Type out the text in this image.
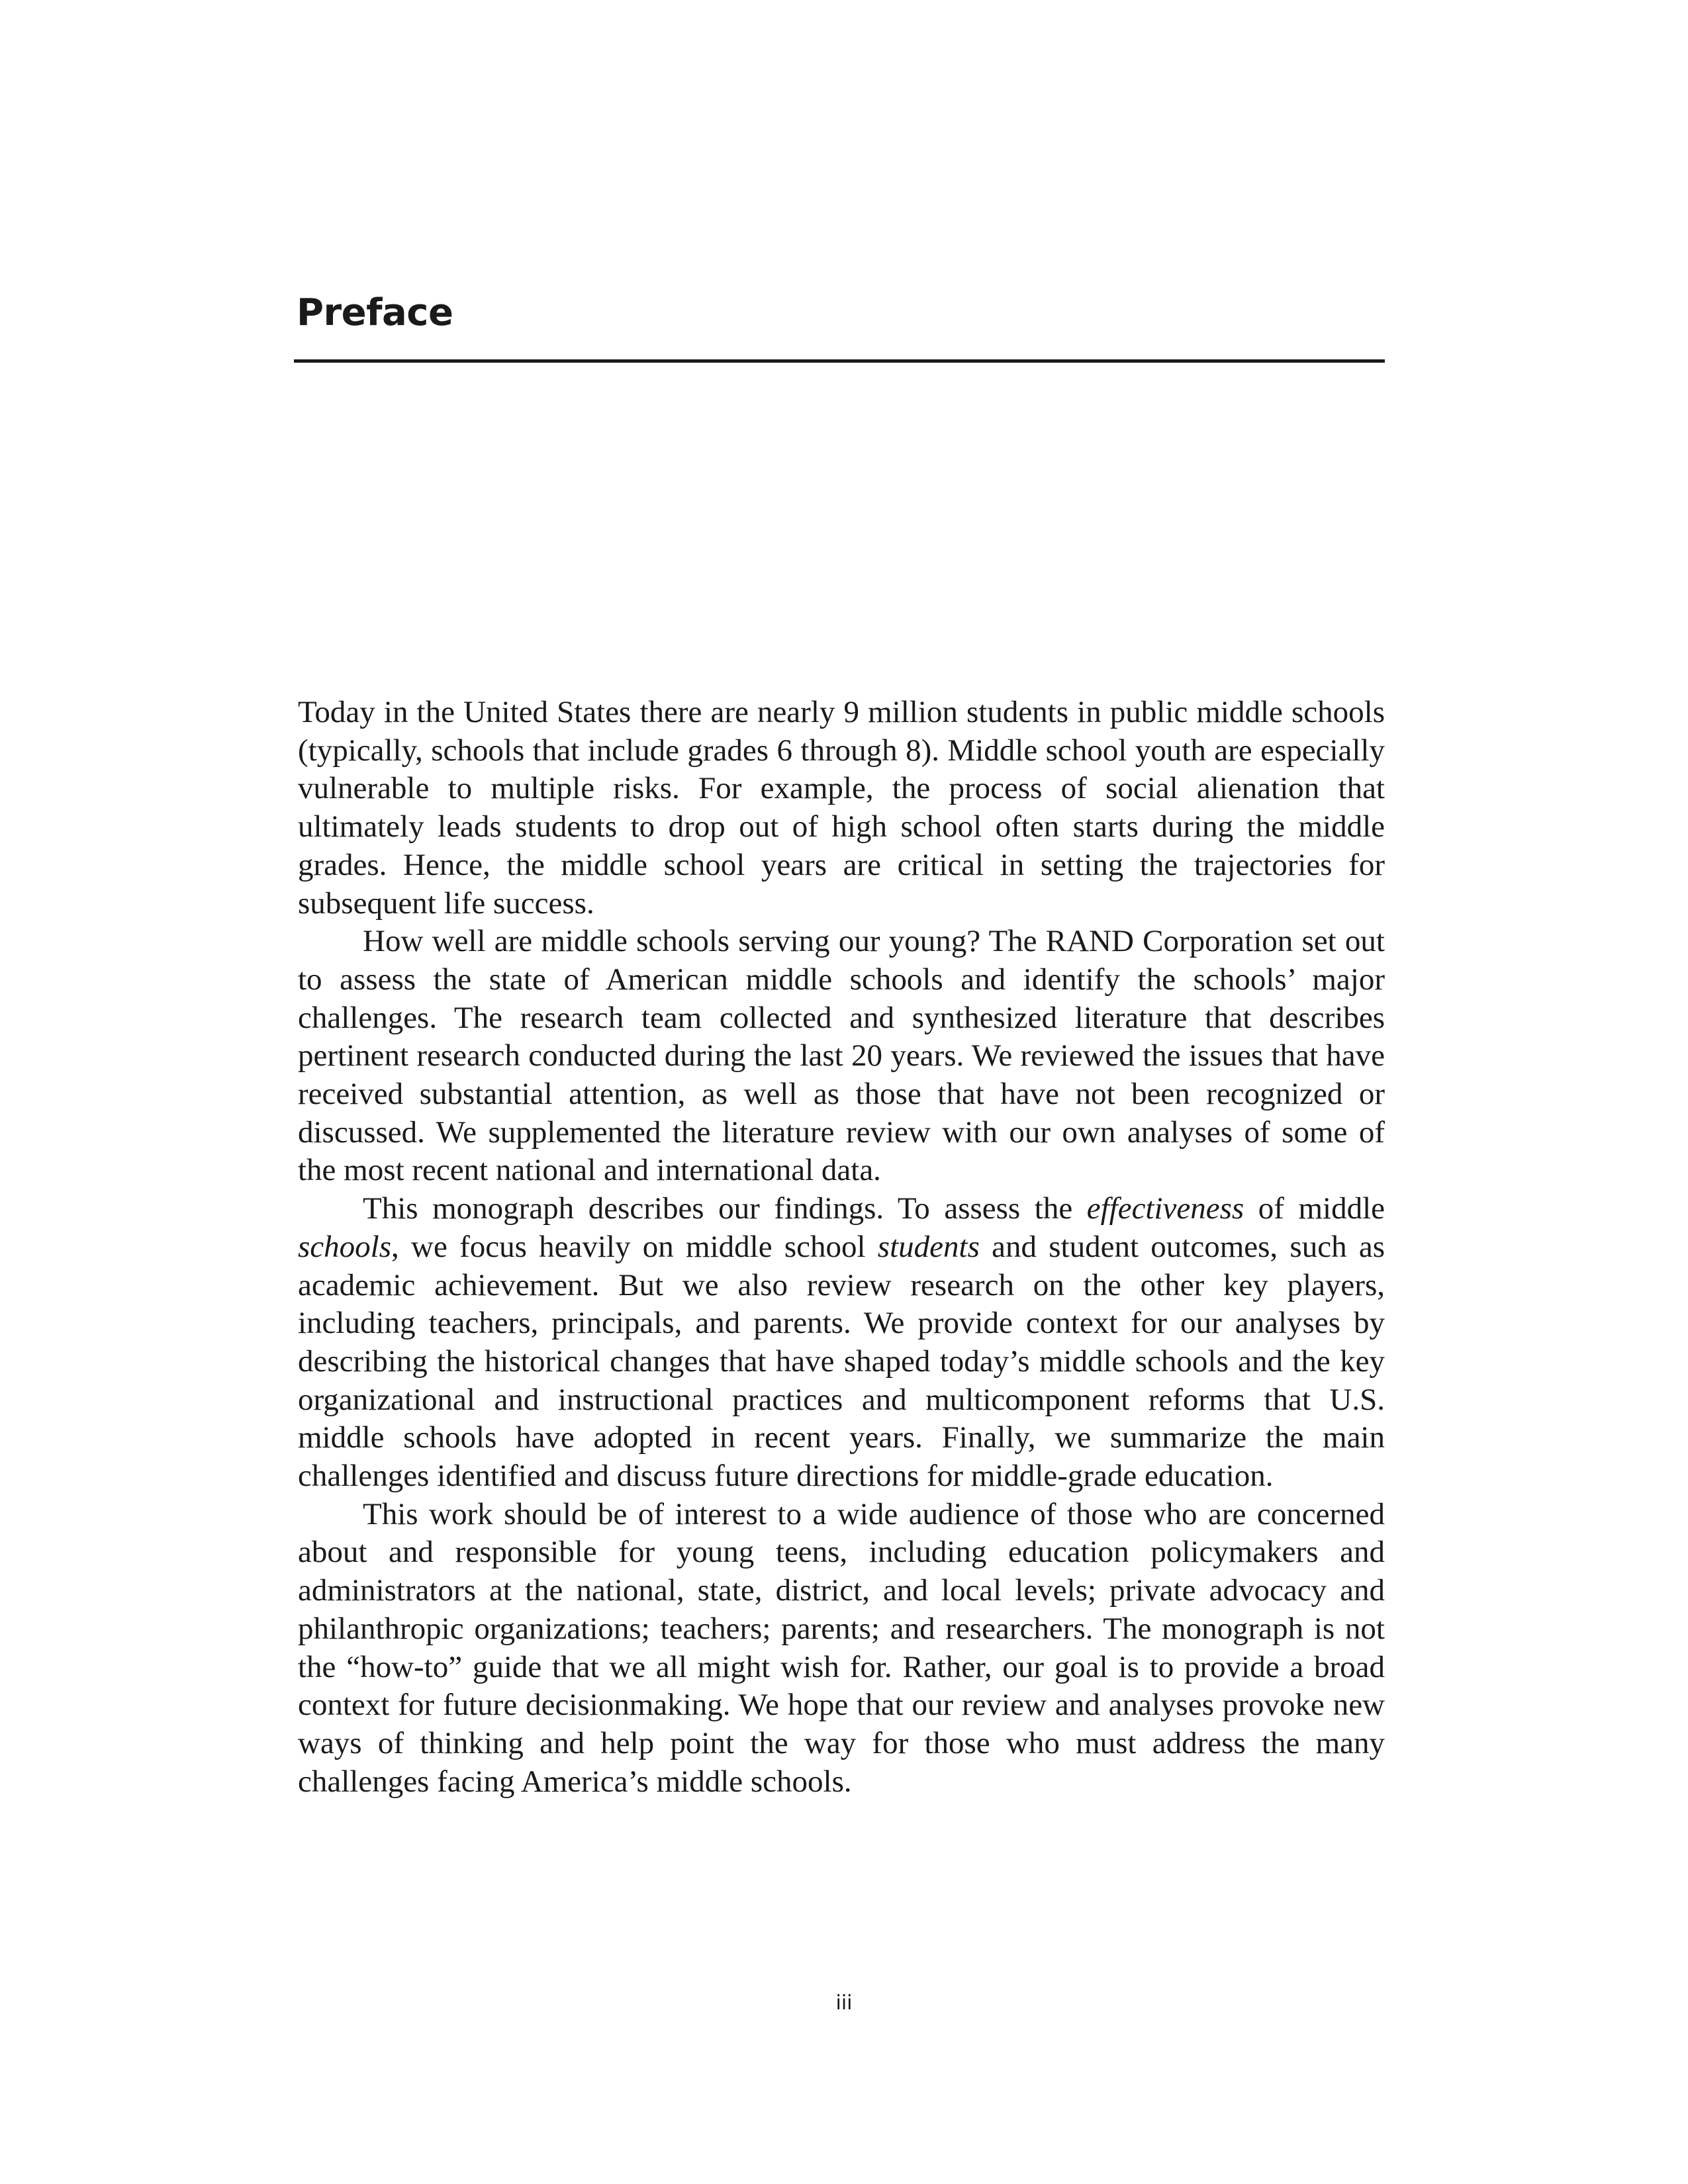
Preface

Today in the United States there are nearly 9 million students in public middle schools (typically, schools that include grades 6 through 8). Middle school youth are especially vulnerable to multiple risks. For example, the process of social alienation that ultimately leads students to drop out of high school often starts during the middle grades. Hence, the middle school years are critical in setting the trajectories for subsequent life success.

How well are middle schools serving our young? The RAND Corporation set out to assess the state of American middle schools and identify the schools’ major challenges. The research team collected and synthesized literature that describes pertinent research conducted during the last 20 years. We reviewed the issues that have received substantial attention, as well as those that have not been recognized or discussed. We supplemented the literature review with our own analyses of some of the most recent national and international data.

This monograph describes our findings. To assess the effectiveness of middle schools, we focus heavily on middle school students and student outcomes, such as academic achievement. But we also review research on the other key players, including teachers, principals, and parents. We provide context for our analyses by describing the historical changes that have shaped today’s middle schools and the key organizational and instructional practices and multicomponent reforms that U.S. middle schools have adopted in recent years. Finally, we summarize the main challenges identified and discuss future directions for middle-grade education.

This work should be of interest to a wide audience of those who are concerned about and responsible for young teens, including education policymakers and administrators at the national, state, district, and local levels; private advocacy and philanthropic organizations; teachers; parents; and researchers. The monograph is not the “how-to” guide that we all might wish for. Rather, our goal is to provide a broad context for future decisionmaking. We hope that our review and analyses provoke new ways of thinking and help point the way for those who must address the many challenges facing America’s middle schools.

iii
